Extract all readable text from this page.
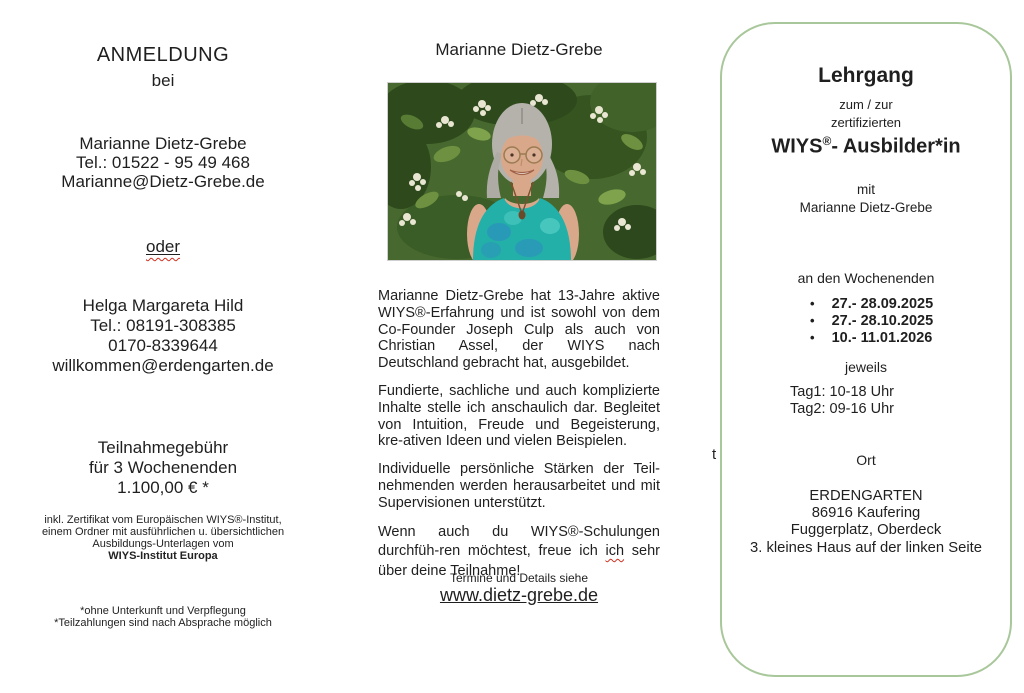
ANMELDUNG
bei
Marianne Dietz-Grebe
Tel.: 01522 - 95 49 468
Marianne@Dietz-Grebe.de
oder
Helga Margareta Hild
Tel.: 08191-308385
0170-8339644
willkommen@erdengarten.de
Teilnahmegebühr
für 3 Wochenenden
1.100,00 € *
inkl. Zertifikat vom Europäischen WIYS®-Institut,
einem Ordner mit ausführlichen u. übersichtlichen
Ausbildungs-Unterlagen vom
WIYS-Institut Europa
*ohne Unterkunft und Verpflegung
*Teilzahlungen sind nach Absprache möglich
Marianne Dietz-Grebe

Marianne Dietz-Grebe hat 13-Jahre aktive WIYS®-Erfahrung und ist sowohl von dem Co-Founder Joseph Culp als auch von Christian Assel, der WIYS nach Deutschland gebracht hat, ausgebildet.

Fundierte, sachliche und auch komplizierte Inhalte stelle ich anschaulich dar. Begleitet von Intuition, Freude und Begeisterung, kre-ativen Ideen und vielen Beispielen.

Individuelle persönliche Stärken der Teil-nehmenden werden herausarbeitet und mit Supervisionen unterstützt.

Wenn auch du WIYS®-Schulungen durchfüh-ren möchtest, freue ich ich sehr über deine Teilnahme!

Termine und Details siehe
www.dietz-grebe.de
Lehrgang
zum / zur
zertifizierten
WIYS®- Ausbilder*in
mit
Marianne Dietz-Grebe
an den Wochenenden
• 27.- 28.09.2025
• 27.- 28.10.2025
• 10.- 11.01.2026
jeweils
Tag1: 10-18 Uhr
Tag2: 09-16 Uhr
Ort
ERDENGARTEN
86916 Kaufering
Fuggerplatz, Oberdeck
3. kleines Haus auf der linken Seite
t
